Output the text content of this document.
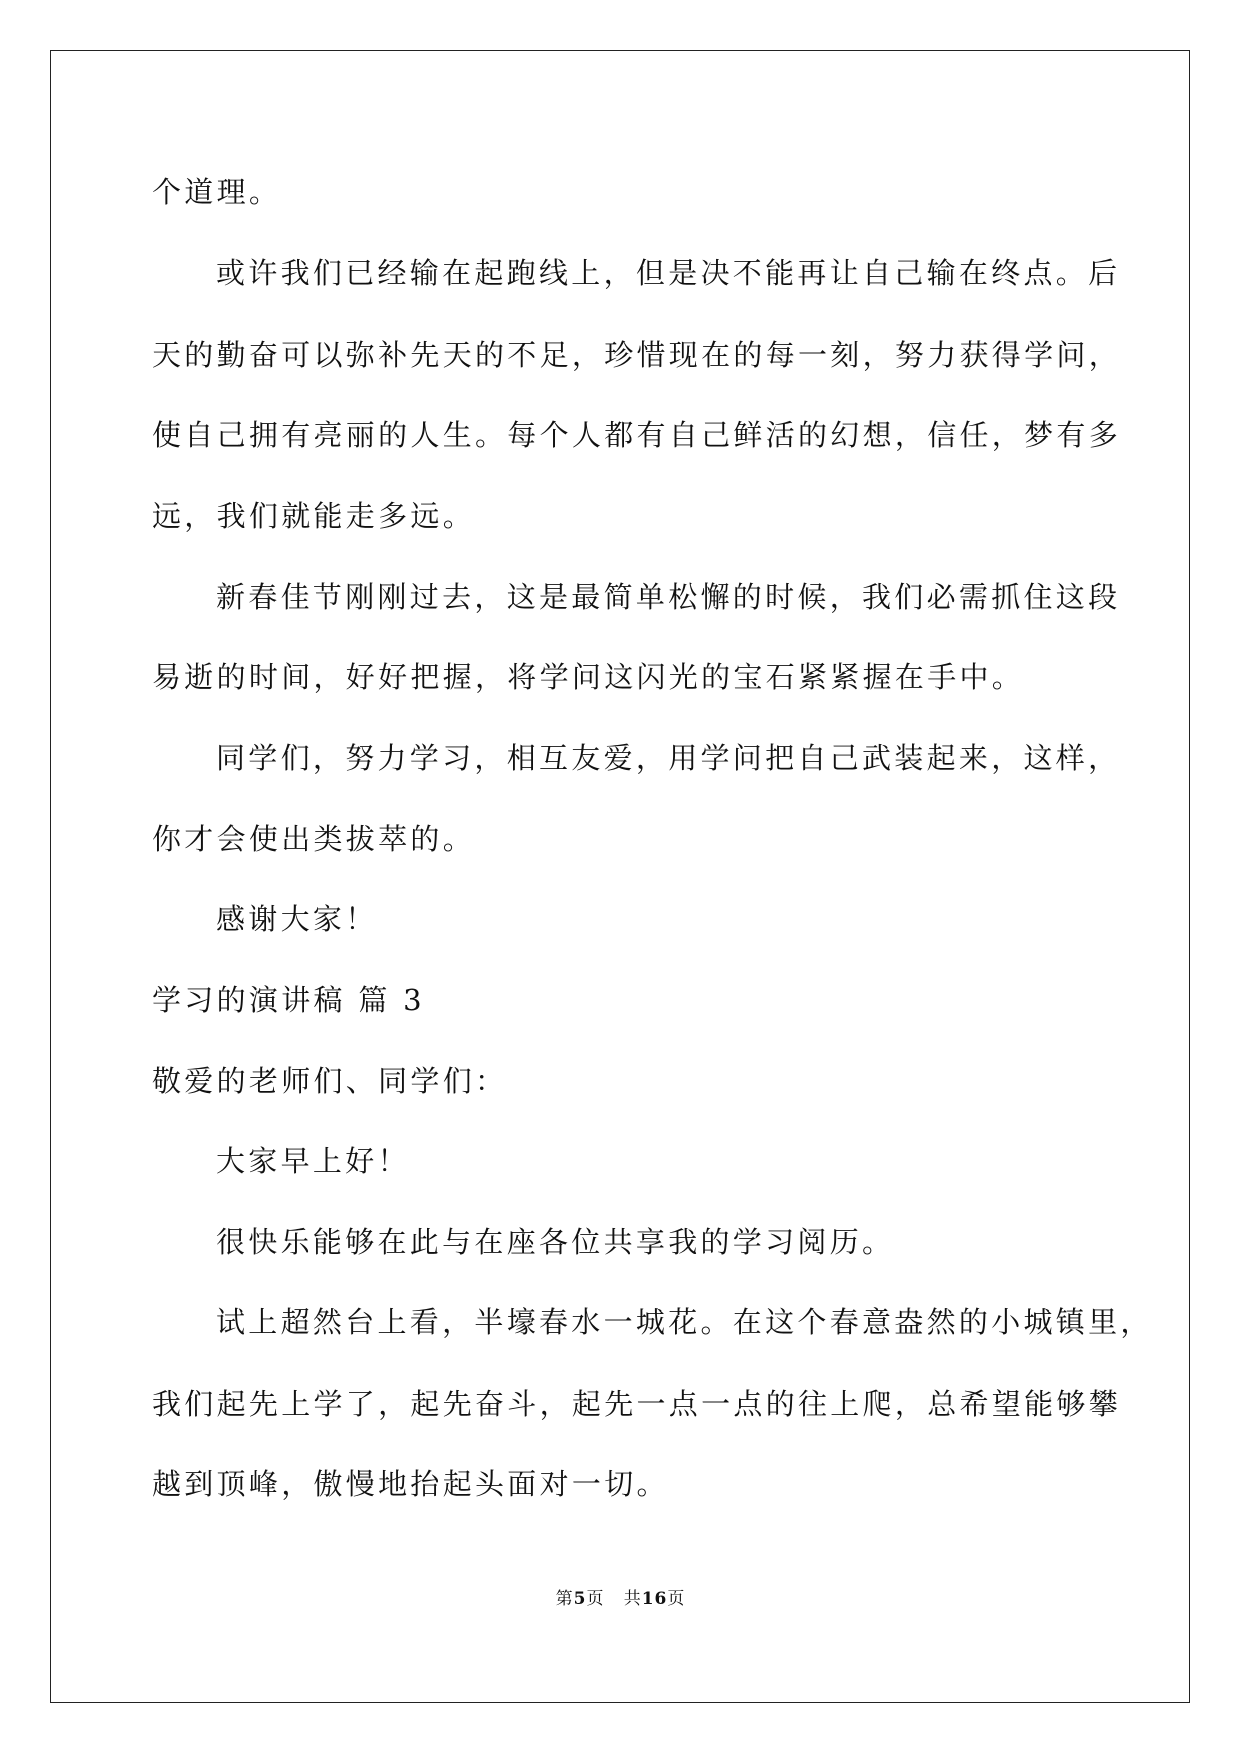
个道理。
或许我们已经输在起跑线上，但是决不能再让自己输在终点。后
天的勤奋可以弥补先天的不足，珍惜现在的每一刻，努力获得学问，
使自己拥有亮丽的人生。每个人都有自己鲜活的幻想，信任，梦有多
远，我们就能走多远。
新春佳节刚刚过去，这是最简单松懈的时候，我们必需抓住这段
易逝的时间，好好把握，将学问这闪光的宝石紧紧握在手中。
同学们，努力学习，相互友爱，用学问把自己武装起来，这样，
你才会使出类拔萃的。
感谢大家！
学习的演讲稿 篇 3
敬爱的老师们、同学们：
大家早上好！
很快乐能够在此与在座各位共享我的学习阅历。
试上超然台上看，半壕春水一城花。在这个春意盎然的小城镇里，
我们起先上学了，起先奋斗，起先一点一点的往上爬，总希望能够攀
越到顶峰，傲慢地抬起头面对一切。
第5页 共16页
